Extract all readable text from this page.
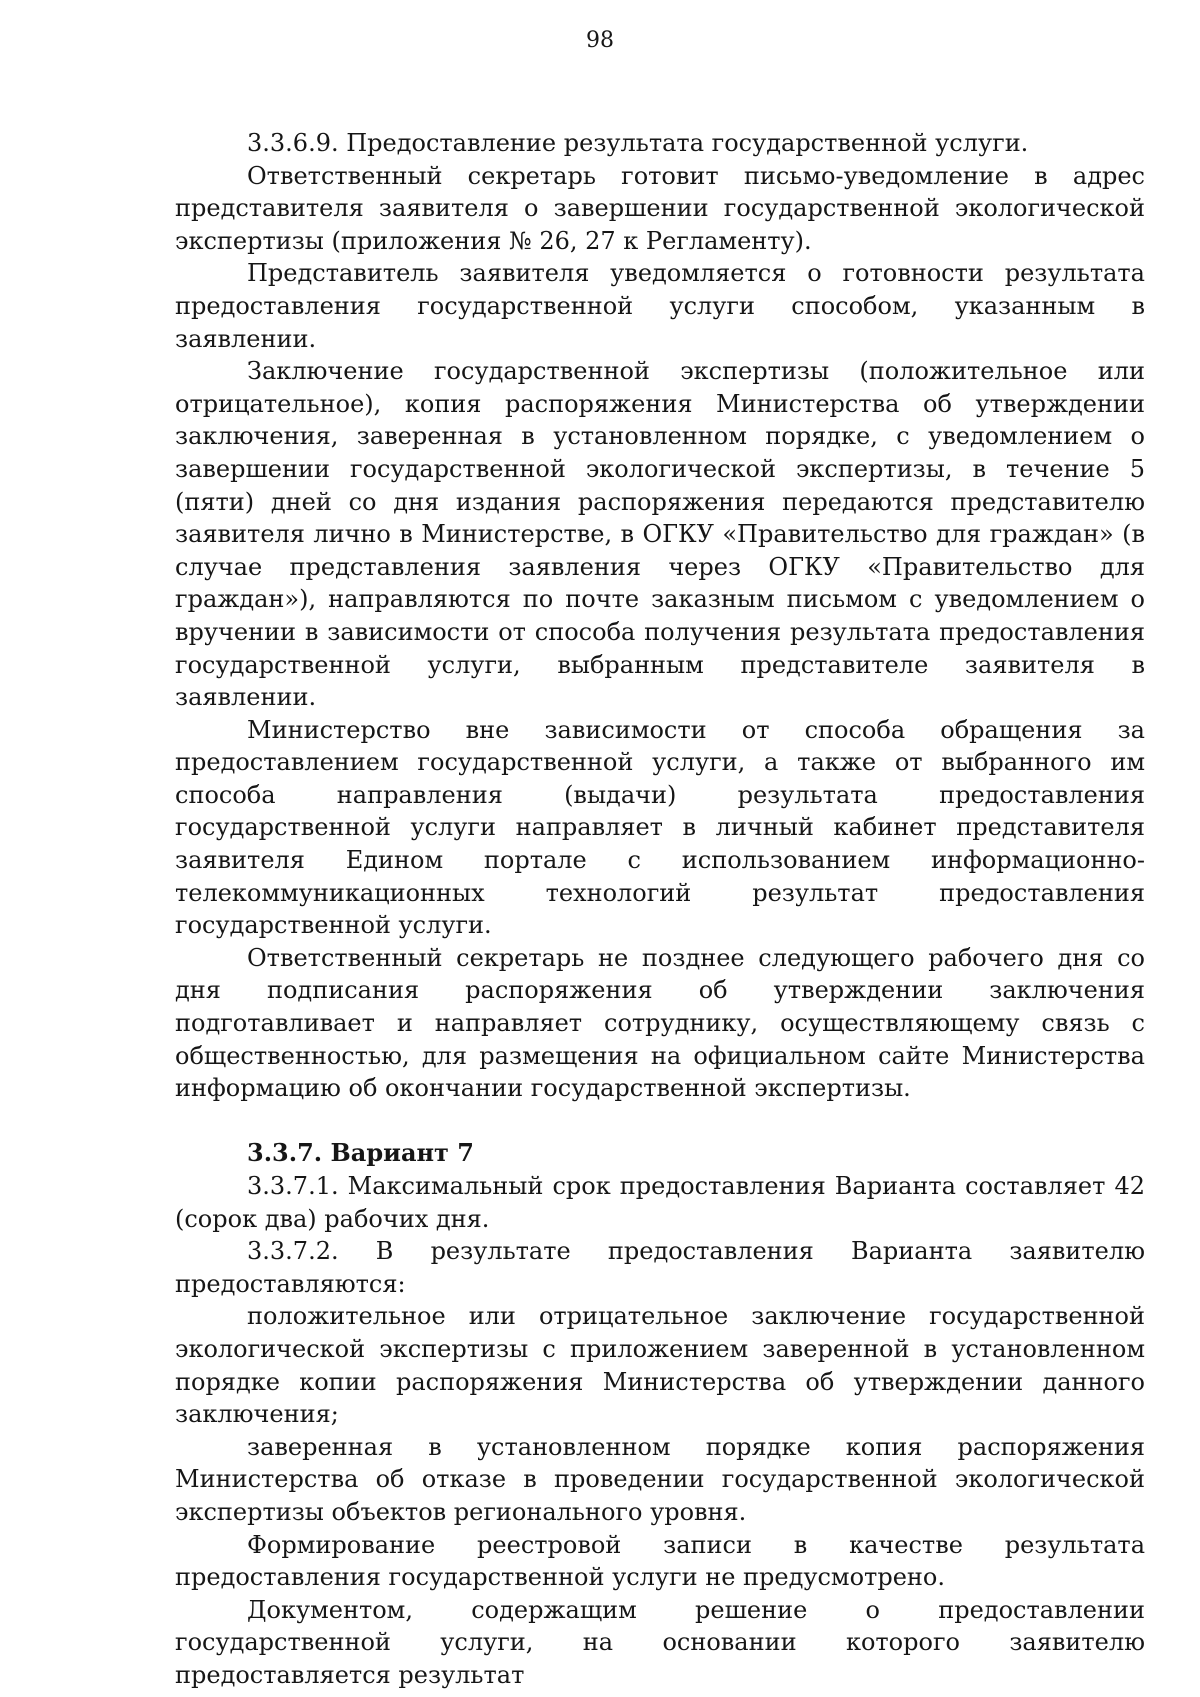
98

3.3.6.9. Предоставление результата государственной услуги.

Ответственный секретарь готовит письмо-уведомление в адрес представителя заявителя о завершении государственной экологической экспертизы (приложения № 26, 27 к Регламенту).

Представитель заявителя уведомляется о готовности результата предоставления государственной услуги способом, указанным в заявлении.

Заключение государственной экспертизы (положительное или отрицательное), копия распоряжения Министерства об утверждении заключения, заверенная в установленном порядке, с уведомлением о завершении государственной экологической экспертизы, в течение 5 (пяти) дней со дня издания распоряжения передаются представителю заявителя лично в Министерстве, в ОГКУ «Правительство для граждан» (в случае представления заявления через ОГКУ «Правительство для граждан»), направляются по почте заказным письмом с уведомлением о вручении в зависимости от способа получения результата предоставления государственной услуги, выбранным представителе заявителя в заявлении.

Министерство вне зависимости от способа обращения за предоставлением государственной услуги, а также от выбранного им способа направления (выдачи) результата предоставления государственной услуги направляет в личный кабинет представителя заявителя Едином портале с использованием информационно-телекоммуникационных технологий результат предоставления государственной услуги.

Ответственный секретарь не позднее следующего рабочего дня со дня подписания распоряжения об утверждении заключения подготавливает и направляет сотруднику, осуществляющему связь с общественностью, для размещения на официальном сайте Министерства информацию об окончании государственной экспертизы.

3.3.7. Вариант 7

3.3.7.1. Максимальный срок предоставления Варианта составляет 42 (сорок два) рабочих дня.

3.3.7.2. В результате предоставления Варианта заявителю предоставляются:

положительное или отрицательное заключение государственной экологической экспертизы с приложением заверенной в установленном порядке копии распоряжения Министерства об утверждении данного заключения;

заверенная в установленном порядке копия распоряжения Министерства об отказе в проведении государственной экологической экспертизы объектов регионального уровня.

Формирование реестровой записи в качестве результата предоставления государственной услуги не предусмотрено.

Документом, содержащим решение о предоставлении государственной услуги, на основании которого заявителю предоставляется результат
